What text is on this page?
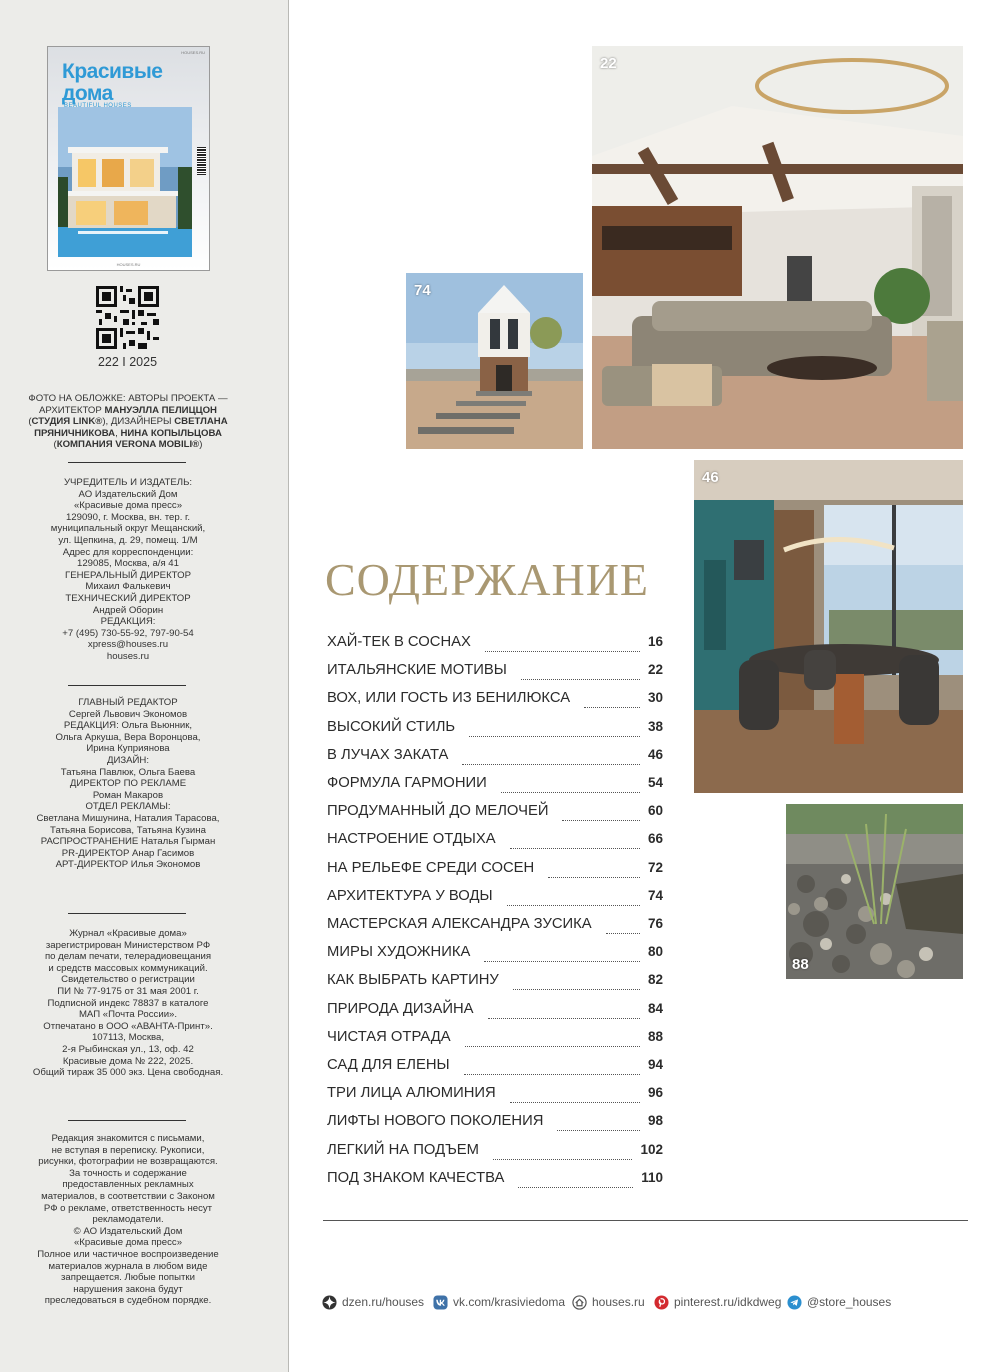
HOUSES.RU
Красивые
дома
BEAUTIFUL HOUSES
HOUSES.RU
222 I 2025
ФОТО НА ОБЛОЖКЕ: АВТОРЫ ПРОЕКТА —
АРХИТЕКТОР МАНУЭЛЛА ПЕЛИЦЦОН
(СТУДИЯ LINK®), ДИЗАЙНЕРЫ СВЕТЛАНА
ПРЯНИЧНИКОВА, НИНА КОПЫЛЬЦОВА
(КОМПАНИЯ VERONA MOBILI®)
УЧРЕДИТЕЛЬ И ИЗДАТЕЛЬ:
АО Издательский Дом
«Красивые дома пресс»
129090, г. Москва, вн. тер. г.
муниципальный округ Мещанский,
ул. Щепкина, д. 29, помещ. 1/М
Адрес для корреспонденции:
129085, Москва, а/я 41
ГЕНЕРАЛЬНЫЙ ДИРЕКТОР
Михаил Фалькевич
ТЕХНИЧЕСКИЙ ДИРЕКТОР
Андрей Оборин
РЕДАКЦИЯ:
+7 (495) 730-55-92, 797-90-54
xpress@houses.ru
houses.ru
ГЛАВНЫЙ РЕДАКТОР
Сергей Львович Экономов
РЕДАКЦИЯ: Ольга Вьюнник,
Ольга Аркуша, Вера Воронцова,
Ирина Куприянова
ДИЗАЙН:
Татьяна Павлюк, Ольга Баева
ДИРЕКТОР ПО РЕКЛАМЕ
Роман Макаров
ОТДЕЛ РЕКЛАМЫ:
Светлана Мишунина, Наталия Тарасова,
Татьяна Борисова, Татьяна Кузина
РАСПРОСТРАНЕНИЕ Наталья Гырман
PR-ДИРЕКТОР Анар Гасимов
АРТ-ДИРЕКТОР Илья Экономов
Журнал «Красивые дома»
зарегистрирован Министерством РФ
по делам печати, телерадиовещания
и средств массовых коммуникаций.
Свидетельство о регистрации
ПИ № 77-9175 от 31 мая 2001 г.
Подписной индекс 78837 в каталоге
МАП «Почта России».
Отпечатано в ООО «АВАНТА-Принт».
107113, Москва,
2-я Рыбинская ул., 13, оф. 42
Красивые дома № 222, 2025.
Общий тираж 35 000 экз. Цена свободная.
Редакция знакомится с письмами,
не вступая в переписку. Рукописи,
рисунки, фотографии не возвращаются.
За точность и содержание
предоставленных рекламных
материалов, в соответствии с Законом
РФ о рекламе, ответственность несут
рекламодатели.
© АО Издательский Дом
«Красивые дома пресс»
Полное или частичное воспроизведение
материалов журнала в любом виде
запрещается. Любые попытки
нарушения закона будут
преследоваться в судебном порядке.
22
74
46
88
СОДЕРЖАНИЕ
ХАЙ-ТЕК В СОСНАХ	16
ИТАЛЬЯНСКИЕ МОТИВЫ	22
ВОХ, ИЛИ ГОСТЬ ИЗ БЕНИЛЮКСА	30
ВЫСОКИЙ СТИЛЬ	38
В ЛУЧАХ ЗАКАТА	46
ФОРМУЛА ГАРМОНИИ	54
ПРОДУМАННЫЙ ДО МЕЛОЧЕЙ	60
НАСТРОЕНИЕ ОТДЫХА	66
НА РЕЛЬЕФЕ СРЕДИ СОСЕН	72
АРХИТЕКТУРА У ВОДЫ	74
МАСТЕРСКАЯ АЛЕКСАНДРА ЗУСИКА	76
МИРЫ ХУДОЖНИКА	80
КАК ВЫБРАТЬ КАРТИНУ	82
ПРИРОДА ДИЗАЙНА	84
ЧИСТАЯ ОТРАДА	88
САД ДЛЯ ЕЛЕНЫ	94
ТРИ ЛИЦА АЛЮМИНИЯ	96
ЛИФТЫ НОВОГО ПОКОЛЕНИЯ	98
ЛЕГКИЙ НА ПОДЪЕМ	102
ПОД ЗНАКОМ КАЧЕСТВА	110
dzen.ru/houses vk.com/krasiviedoma houses.ru pinterest.ru/idkdweg @store_houses
